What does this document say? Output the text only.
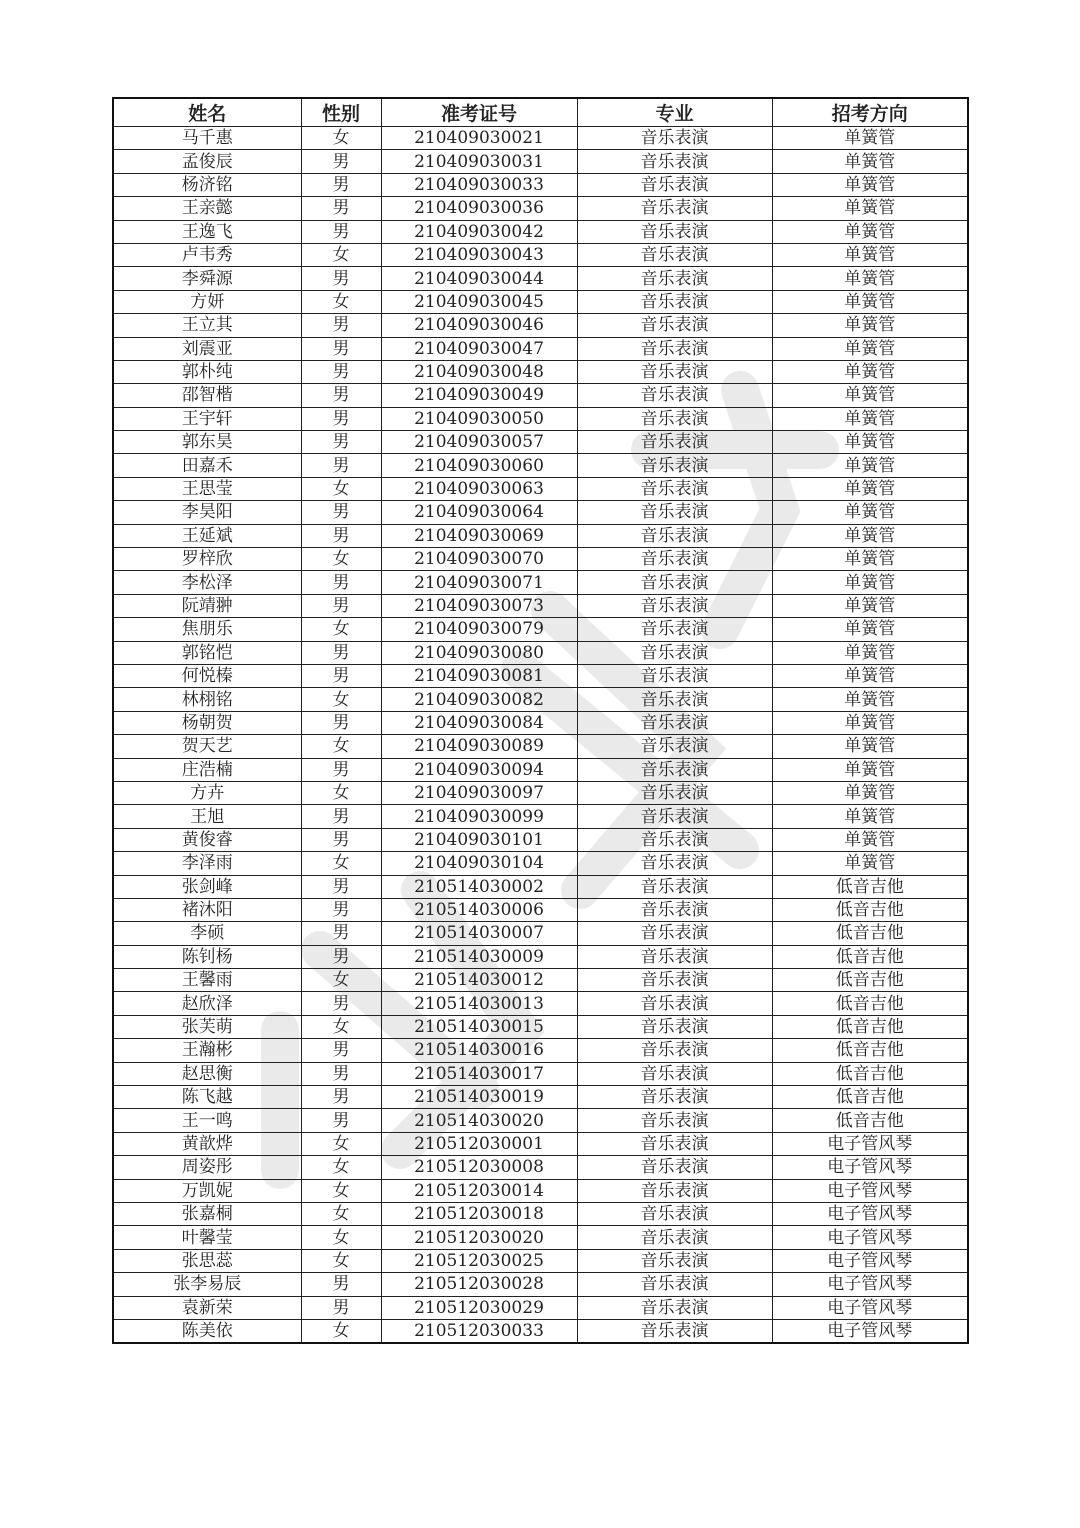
姓名	性别	准考证号	专业	招考方向
马千惠	女	210409030021	音乐表演	单簧管
孟俊辰	男	210409030031	音乐表演	单簧管
杨济铭	男	210409030033	音乐表演	单簧管
王亲懿	男	210409030036	音乐表演	单簧管
王逸飞	男	210409030042	音乐表演	单簧管
卢韦秀	女	210409030043	音乐表演	单簧管
李舜源	男	210409030044	音乐表演	单簧管
方妍	女	210409030045	音乐表演	单簧管
王立其	男	210409030046	音乐表演	单簧管
刘震亚	男	210409030047	音乐表演	单簧管
郭朴纯	男	210409030048	音乐表演	单簧管
邵智楷	男	210409030049	音乐表演	单簧管
王宇轩	男	210409030050	音乐表演	单簧管
郭东昊	男	210409030057	音乐表演	单簧管
田嘉禾	男	210409030060	音乐表演	单簧管
王思莹	女	210409030063	音乐表演	单簧管
李昊阳	男	210409030064	音乐表演	单簧管
王延斌	男	210409030069	音乐表演	单簧管
罗梓欣	女	210409030070	音乐表演	单簧管
李松泽	男	210409030071	音乐表演	单簧管
阮靖翀	男	210409030073	音乐表演	单簧管
焦朋乐	女	210409030079	音乐表演	单簧管
郭铭恺	男	210409030080	音乐表演	单簧管
何悦榛	男	210409030081	音乐表演	单簧管
林栩铭	女	210409030082	音乐表演	单簧管
杨朝贺	男	210409030084	音乐表演	单簧管
贺天艺	女	210409030089	音乐表演	单簧管
庄浩楠	男	210409030094	音乐表演	单簧管
方卉	女	210409030097	音乐表演	单簧管
王旭	男	210409030099	音乐表演	单簧管
黄俊睿	男	210409030101	音乐表演	单簧管
李泽雨	女	210409030104	音乐表演	单簧管
张剑峰	男	210514030002	音乐表演	低音吉他
褚沐阳	男	210514030006	音乐表演	低音吉他
李硕	男	210514030007	音乐表演	低音吉他
陈钊杨	男	210514030009	音乐表演	低音吉他
王馨雨	女	210514030012	音乐表演	低音吉他
赵欣泽	男	210514030013	音乐表演	低音吉他
张芙萌	女	210514030015	音乐表演	低音吉他
王瀚彬	男	210514030016	音乐表演	低音吉他
赵思衡	男	210514030017	音乐表演	低音吉他
陈飞越	男	210514030019	音乐表演	低音吉他
王一鸣	男	210514030020	音乐表演	低音吉他
黄歆烨	女	210512030001	音乐表演	电子管风琴
周姿彤	女	210512030008	音乐表演	电子管风琴
万凯妮	女	210512030014	音乐表演	电子管风琴
张嘉桐	女	210512030018	音乐表演	电子管风琴
叶馨莹	女	210512030020	音乐表演	电子管风琴
张思蕊	女	210512030025	音乐表演	电子管风琴
张李易辰	男	210512030028	音乐表演	电子管风琴
袁新荣	男	210512030029	音乐表演	电子管风琴
陈美依	女	210512030033	音乐表演	电子管风琴
